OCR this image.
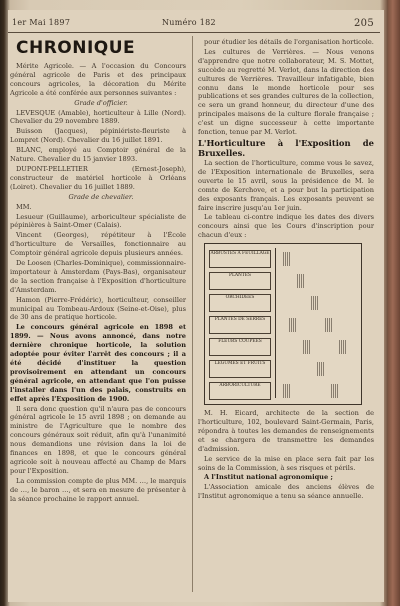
1er Mai 1897	Numéro 182	205
CHRONIQUE

Mérite Agricole. — A l'occasion du Concours général agricole de Paris et des principaux concours agricoles, la décoration du Mérite Agricole a été conférée aux personnes suivantes :

Grade d'officier.

LEVESQUE (Amable), horticulteur à Lille (Nord). Chevalier du 29 novembre 1889.

Buisson (Jacques), pépiniériste-fleuriste à Lompret (Nord). Chevalier du 16 juillet 1891.

BLANC, employé au Comptoir général de la Nature. Chevalier du 15 janvier 1893.

DUPONT-PELLETIER (Ernest-Joseph), constructeur de matériel horticole à Orléans (Loiret). Chevalier du 16 juillet 1889.

Grade de chevalier.

MM.

Lesueur (Guillaume), arboriculteur spécialiste de pépinières à Saint-Omer (Calais).

Vincent (Georges), répétiteur à l'École d'horticulture de Versailles, fonctionnaire au Comptoir général agricole depuis plusieurs années.

De Loosen (Charles-Dominique), commissionnaire-importateur à Amsterdam (Pays-Bas), organisateur de la section française à l'Exposition d'horticulture d'Amsterdam.

Hamon (Pierre-Frédéric), horticulteur, conseiller municipal au Tombeau-Ardoux (Seine-et-Oise), plus de 30 ans de pratique horticole.

Le concours général agricole en 1898 et 1899. — Nous avons annoncé, dans notre dernière chronique horticole, la solution adoptée pour éviter l'arrêt des concours ; il a été décidé d'instituer la question provisoirement en attendant un concours général agricole, en attendant que l'on puisse l'installer dans l'un des palais, construits en effet après l'Exposition de 1900.

Il sera donc question qu'il n'aura pas de concours général agricole le 15 avril 1898 ; on demande au ministre de l'Agriculture que le nombre des concours généraux soit réduit, afin qu'à l'unanimité nous demandions une révision dans la loi de finances en 1898, et que le concours général agricole soit à nouveau affecté au Champ de Mars pour l'Exposition.

La commission compte de plus MM. …, le marquis de …, le baron …, et sera en mesure de présenter à la séance prochaine le rapport annuel.

pour étudier les détails de l'organisation horticole.

Les cultures de Verrières. — Nous venons d'apprendre que notre collaborateur, M. S. Mottet, succède au regretté M. Verlot, dans la direction des cultures de Verrières. Travailleur infatigable, bien connu dans le monde horticole pour ses publications et ses grandes cultures de la collection, ce sera un grand honneur, du directeur d'une des principales maisons de la culture florale française ; c'est un digne successeur à cette importante fonction, tenue par M. Verlot.

L'Horticulture à l'Exposition de Bruxelles.

La section de l'horticulture, comme vous le savez, de l'Exposition internationale de Bruxelles, sera ouverte le 15 avril, sous la présidence de M. le comte de Kerchove, et a pour but la participation des exposants français. Les exposants peuvent se faire inscrire jusqu'au 1er juin.

Le tableau ci-contre indique les dates des divers concours ainsi que les Cours d'inscription pour chacun d'eux :

ARBUSTES À FEUILLAGE
PLANTES
ORCHIDÉES
PLANTES DE SERRES
FLEURS COUPÉES
LÉGUMES ET FRUITS
ARBORICULTURE

M. H. Eicard, architecte de la section de l'horticulture, 102, boulevard Saint-Germain, Paris, répondra à toutes les demandes de renseignements et se chargera de transmettre les demandes d'admission.

Le service de la mise en place sera fait par les soins de la Commission, à ses risques et périls.

A l'Institut national agronomique ;

L'Association amicale des anciens élèves de l'Institut agronomique a tenu sa séance annuelle.
